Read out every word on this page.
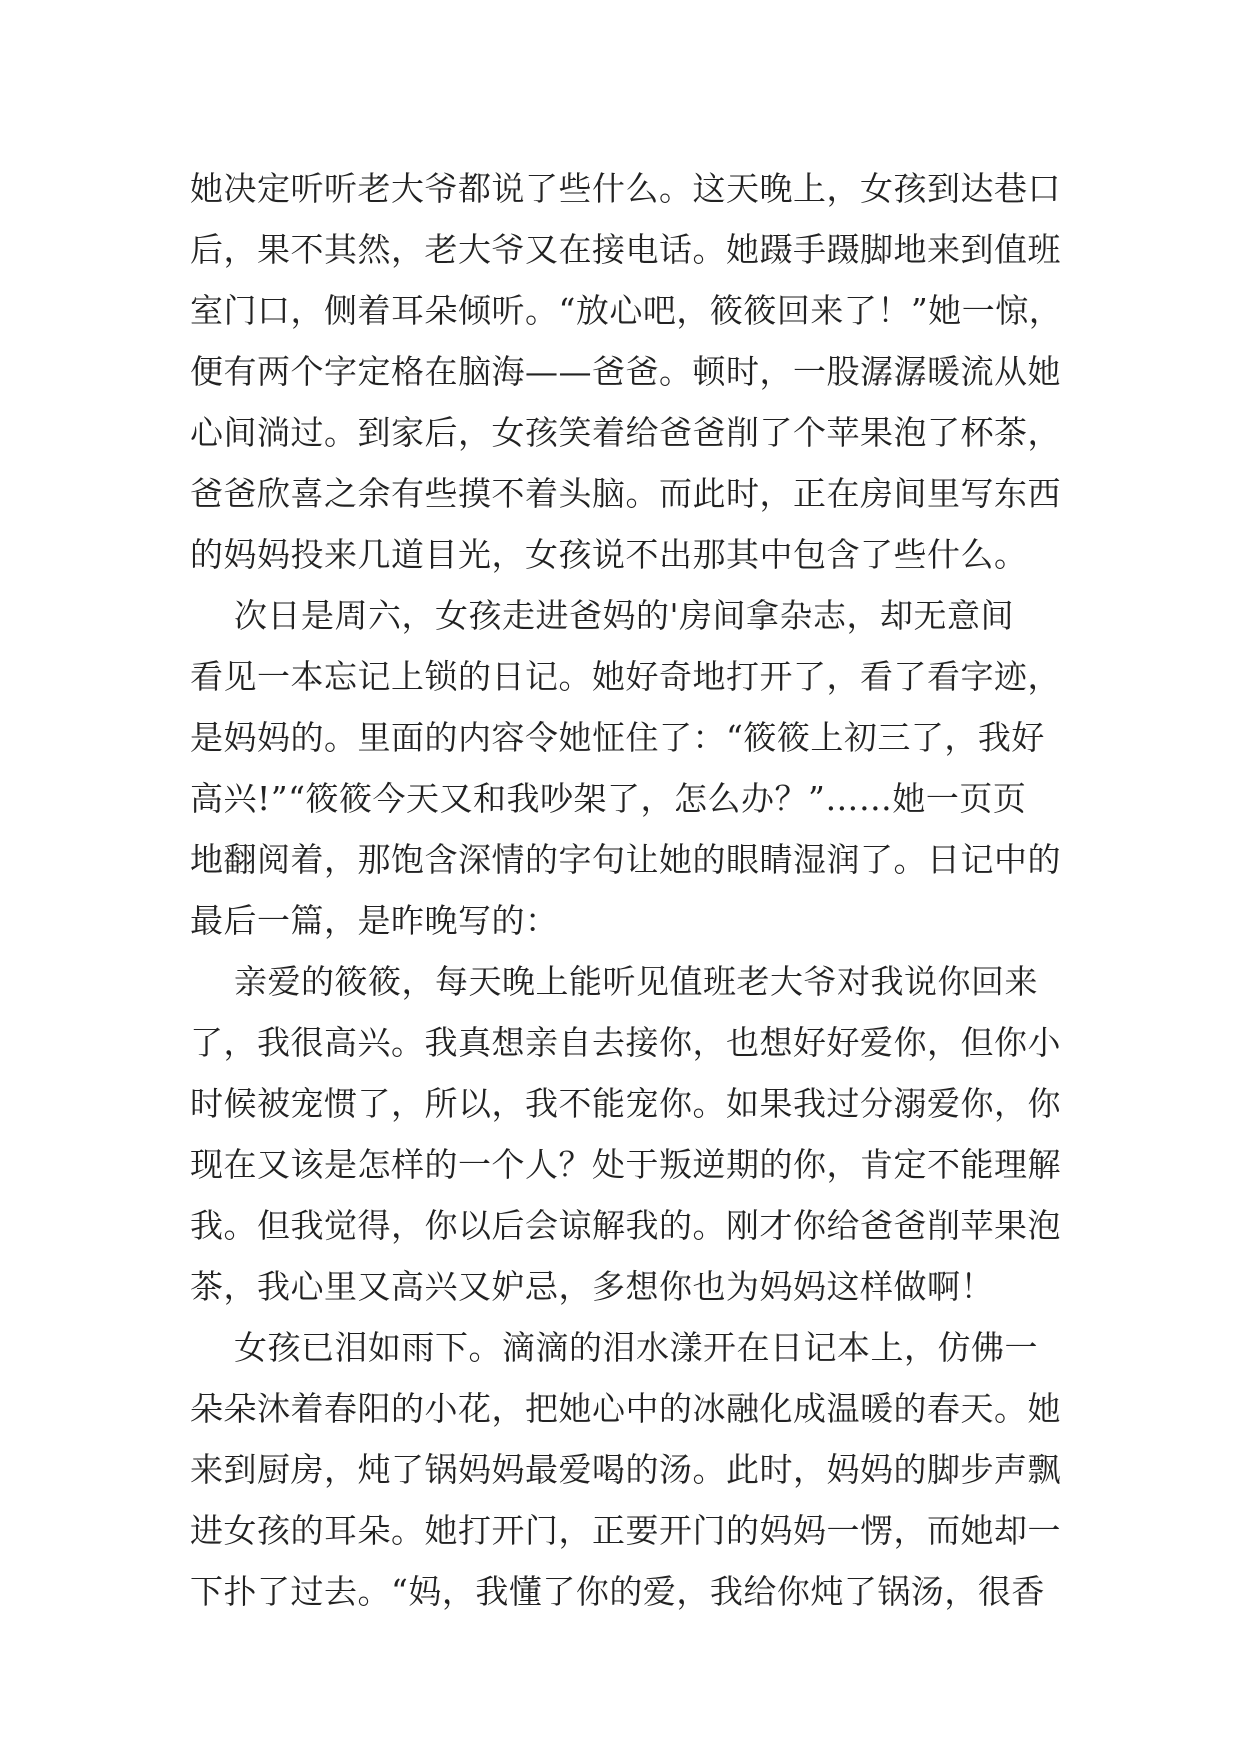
她决定听听老大爷都说了些什么。这天晚上，女孩到达巷口
后，果不其然，老大爷又在接电话。她蹑手蹑脚地来到值班
室门口，侧着耳朵倾听。“放心吧，筱筱回来了！”她一惊，
便有两个字定格在脑海——爸爸。顿时，一股潺潺暖流从她
心间淌过。到家后，女孩笑着给爸爸削了个苹果泡了杯茶，
爸爸欣喜之余有些摸不着头脑。而此时，正在房间里写东西
的妈妈投来几道目光，女孩说不出那其中包含了些什么。
次日是周六，女孩走进爸妈的'房间拿杂志，却无意间
看见一本忘记上锁的日记。她好奇地打开了，看了看字迹，
是妈妈的。里面的内容令她怔住了：“筱筱上初三了，我好
高兴!”“筱筱今天又和我吵架了，怎么办？”……她一页页
地翻阅着，那饱含深情的字句让她的眼睛湿润了。日记中的
最后一篇，是昨晚写的：
亲爱的筱筱，每天晚上能听见值班老大爷对我说你回来
了，我很高兴。我真想亲自去接你，也想好好爱你，但你小
时候被宠惯了，所以，我不能宠你。如果我过分溺爱你，你
现在又该是怎样的一个人？处于叛逆期的你，肯定不能理解
我。但我觉得，你以后会谅解我的。刚才你给爸爸削苹果泡
茶，我心里又高兴又妒忌，多想你也为妈妈这样做啊！
女孩已泪如雨下。滴滴的泪水漾开在日记本上，仿佛一
朵朵沐着春阳的小花，把她心中的冰融化成温暖的春天。她
来到厨房，炖了锅妈妈最爱喝的汤。此时，妈妈的脚步声飘
进女孩的耳朵。她打开门，正要开门的妈妈一愣，而她却一
下扑了过去。“妈，我懂了你的爱，我给你炖了锅汤，很香
